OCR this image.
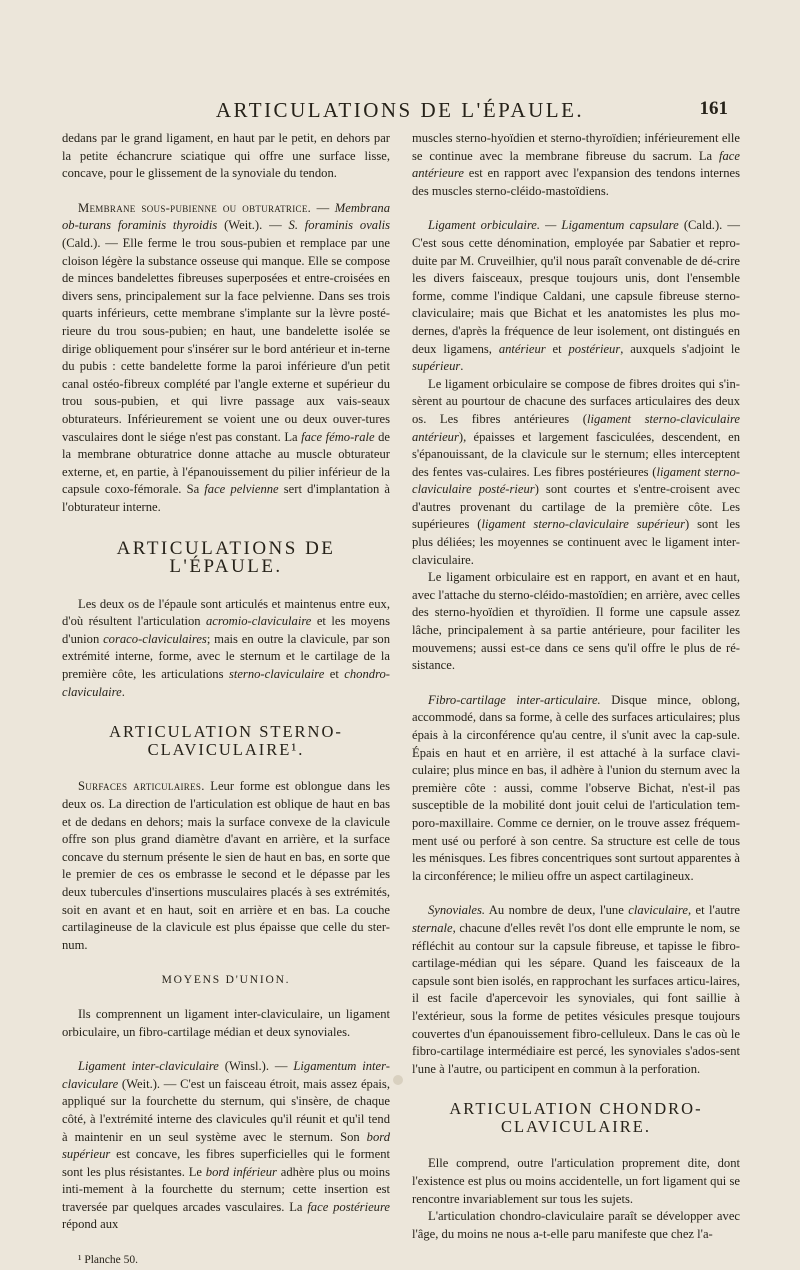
ARTICULATIONS DE L'ÉPAULE.	161

dedans par le grand ligament, en haut par le petit, en dehors par la petite échancrure sciatique qui offre une surface lisse, concave, pour le glissement de la synoviale du tendon.

Membrane sous-pubienne ou obturatrice. — Membrana ob-turans foraminis thyroidis (Weit.). — S. foraminis ovalis (Cald.). — Elle ferme le trou sous-pubien et remplace par une cloison légère la substance osseuse qui manque. Elle se compose de minces bandelettes fibreuses superposées et entre-croisées en divers sens, principalement sur la face pelvienne. Dans ses trois quarts inférieurs, cette membrane s'implante sur la lèvre posté-rieure du trou sous-pubien; en haut, une bandelette isolée se dirige obliquement pour s'insérer sur le bord antérieur et in-terne du pubis : cette bandelette forme la paroi inférieure d'un petit canal ostéo-fibreux complété par l'angle externe et supérieur du trou sous-pubien, et qui livre passage aux vais-seaux obturateurs. Inférieurement se voient une ou deux ouver-tures vasculaires dont le siége n'est pas constant. La face fémo-rale de la membrane obturatrice donne attache au muscle obturateur externe, et, en partie, à l'épanouissement du pilier inférieur de la capsule coxo-fémorale. Sa face pelvienne sert d'implantation à l'obturateur interne.

ARTICULATIONS DE L'ÉPAULE.

Les deux os de l'épaule sont articulés et maintenus entre eux, d'où résultent l'articulation acromio-claviculaire et les moyens d'union coraco-claviculaires; mais en outre la clavicule, par son extrémité interne, forme, avec le sternum et le cartilage de la première côte, les articulations sterno-claviculaire et chondro-claviculaire.

ARTICULATION STERNO-CLAVICULAIRE¹.

Surfaces articulaires. Leur forme est oblongue dans les deux os. La direction de l'articulation est oblique de haut en bas et de dedans en dehors; mais la surface convexe de la clavicule offre son plus grand diamètre d'avant en arrière, et la surface concave du sternum présente le sien de haut en bas, en sorte que le premier de ces os embrasse le second et le dépasse par les deux tubercules d'insertions musculaires placés à ses extrémités, soit en avant et en haut, soit en arrière et en bas. La couche cartilagineuse de la clavicule est plus épaisse que celle du ster-num.

MOYENS D'UNION.

Ils comprennent un ligament inter-claviculaire, un ligament orbiculaire, un fibro-cartilage médian et deux synoviales.

Ligament inter-claviculaire (Winsl.). — Ligamentum inter-claviculare (Weit.). — C'est un faisceau étroit, mais assez épais, appliqué sur la fourchette du sternum, qui s'insère, de chaque côté, à l'extrémité interne des clavicules qu'il réunit et qu'il tend à maintenir en un seul système avec le sternum. Son bord supérieur est concave, les fibres superficielles qui le forment sont les plus résistantes. Le bord inférieur adhère plus ou moins inti-mement à la fourchette du sternum; cette insertion est traversée par quelques arcades vasculaires. La face postérieure répond aux

¹ Planche 50.

muscles sterno-hyoïdien et sterno-thyroïdien; inférieurement elle se continue avec la membrane fibreuse du sacrum. La face antérieure est en rapport avec l'expansion des tendons internes des muscles sterno-cléido-mastoïdiens.

Ligament orbiculaire. — Ligamentum capsulare (Cald.). — C'est sous cette dénomination, employée par Sabatier et repro-duite par M. Cruveilhier, qu'il nous paraît convenable de dé-crire les divers faisceaux, presque toujours unis, dont l'ensemble forme, comme l'indique Caldani, une capsule fibreuse sterno-claviculaire; mais que Bichat et les anatomistes les plus mo-dernes, d'après la fréquence de leur isolement, ont distingués en deux ligamens, antérieur et postérieur, auxquels s'adjoint le supérieur.

Le ligament orbiculaire se compose de fibres droites qui s'in-sèrent au pourtour de chacune des surfaces articulaires des deux os. Les fibres antérieures (ligament sterno-claviculaire antérieur), épaisses et largement fasciculées, descendent, en s'épanouissant, de la clavicule sur le sternum; elles interceptent des fentes vas-culaires. Les fibres postérieures (ligament sterno-claviculaire posté-rieur) sont courtes et s'entre-croisent avec d'autres provenant du cartilage de la première côte. Les supérieures (ligament sterno-claviculaire supérieur) sont les plus déliées; les moyennes se continuent avec le ligament inter-claviculaire.

Le ligament orbiculaire est en rapport, en avant et en haut, avec l'attache du sterno-cléido-mastoïdien; en arrière, avec celles des sterno-hyoïdien et thyroïdien. Il forme une capsule assez lâche, principalement à sa partie antérieure, pour faciliter les mouvemens; aussi est-ce dans ce sens qu'il offre le plus de ré-sistance.

Fibro-cartilage inter-articulaire. Disque mince, oblong, accommodé, dans sa forme, à celle des surfaces articulaires; plus épais à la circonférence qu'au centre, il s'unit avec la cap-sule. Épais en haut et en arrière, il est attaché à la surface clavi-culaire; plus mince en bas, il adhère à l'union du sternum avec la première côte : aussi, comme l'observe Bichat, n'est-il pas susceptible de la mobilité dont jouit celui de l'articulation tem-poro-maxillaire. Comme ce dernier, on le trouve assez fréquem-ment usé ou perforé à son centre. Sa structure est celle de tous les ménisques. Les fibres concentriques sont surtout apparentes à la circonférence; le milieu offre un aspect cartilagineux.

Synoviales. Au nombre de deux, l'une claviculaire, et l'autre sternale, chacune d'elles revêt l'os dont elle emprunte le nom, se réfléchit au contour sur la capsule fibreuse, et tapisse le fibro-cartilage-médian qui les sépare. Quand les faisceaux de la capsule sont bien isolés, en rapprochant les surfaces articu-laires, il est facile d'apercevoir les synoviales, qui font saillie à l'extérieur, sous la forme de petites vésicules presque toujours couvertes d'un épanouissement fibro-celluleux. Dans le cas où le fibro-cartilage intermédiaire est percé, les synoviales s'ados-sent l'une à l'autre, ou participent en commun à la perforation.

ARTICULATION CHONDRO-CLAVICULAIRE.

Elle comprend, outre l'articulation proprement dite, dont l'existence est plus ou moins accidentelle, un fort ligament qui se rencontre invariablement sur tous les sujets.

L'articulation chondro-claviculaire paraît se développer avec l'âge, du moins ne nous a-t-elle paru manifeste que chez l'a-
